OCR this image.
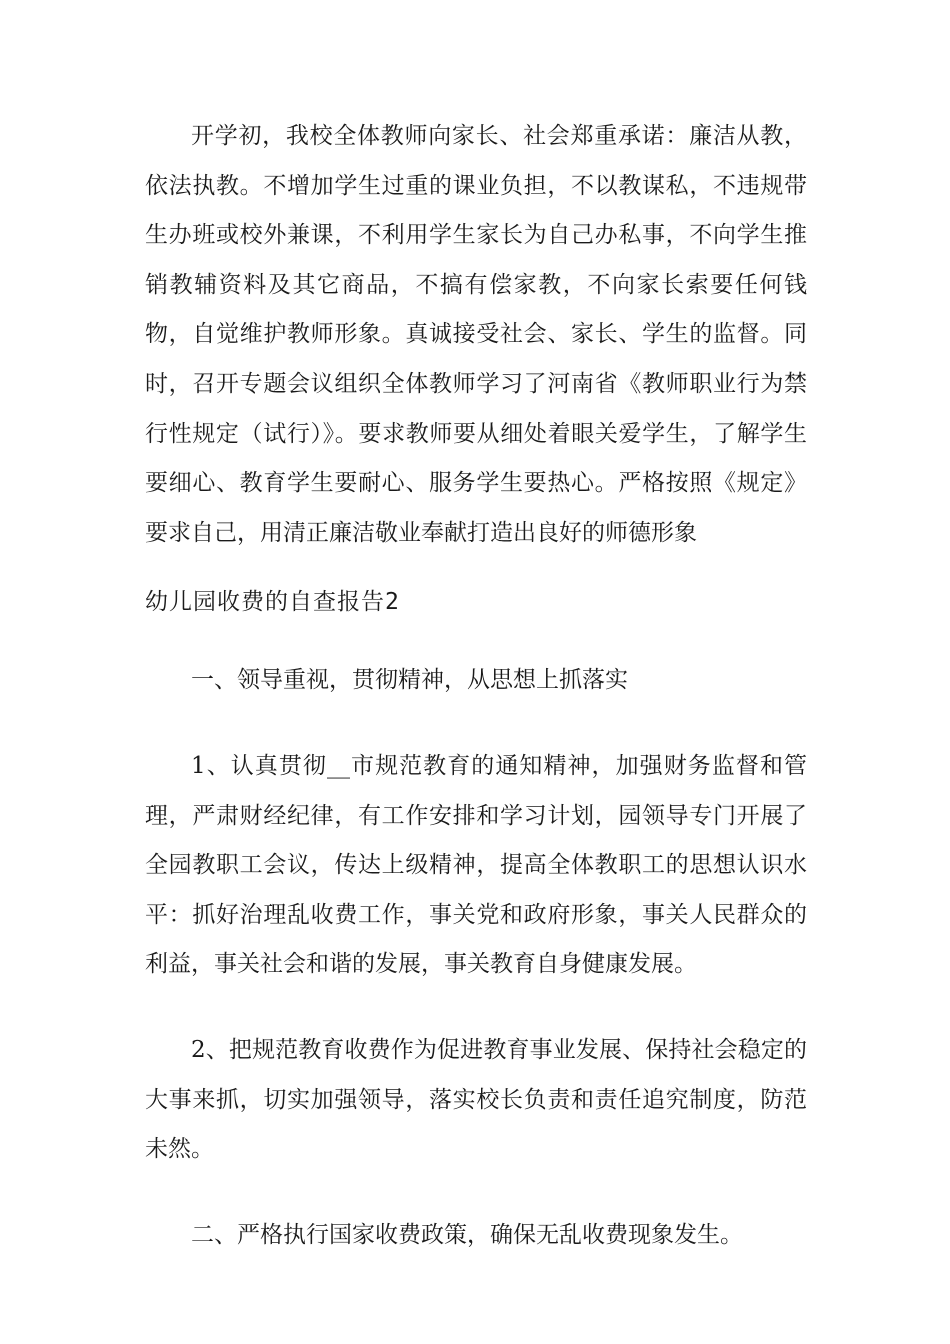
开学初，我校全体教师向家长、社会郑重承诺：廉洁从教，依法执教。不增加学生过重的课业负担，不以教谋私，不违规带生办班或校外兼课，不利用学生家长为自己办私事，不向学生推销教辅资料及其它商品，不搞有偿家教，不向家长索要任何钱物，自觉维护教师形象。真诚接受社会、家长、学生的监督。同时，召开专题会议组织全体教师学习了河南省《教师职业行为禁行性规定（试行）》。要求教师要从细处着眼关爱学生，了解学生要细心、教育学生要耐心、服务学生要热心。严格按照《规定》要求自己，用清正廉洁敬业奉献打造出良好的师德形象

幼儿园收费的自查报告2

一、领导重视，贯彻精神，从思想上抓落实

1、认真贯彻__市规范教育的通知精神，加强财务监督和管理，严肃财经纪律，有工作安排和学习计划，园领导专门开展了全园教职工会议，传达上级精神，提高全体教职工的思想认识水平：抓好治理乱收费工作，事关党和政府形象，事关人民群众的利益，事关社会和谐的发展，事关教育自身健康发展。

2、把规范教育收费作为促进教育事业发展、保持社会稳定的大事来抓，切实加强领导，落实校长负责和责任追究制度，防范未然。

二、严格执行国家收费政策，确保无乱收费现象发生。
